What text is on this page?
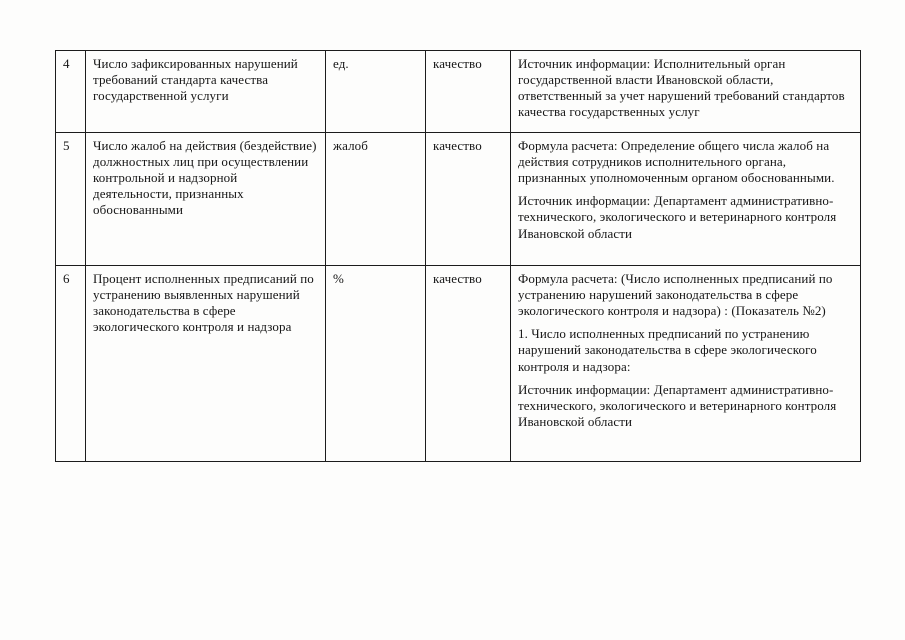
4	Число зафиксированных нарушений требований стандарта качества государственной услуги	ед.	качество	Источник информации: Исполнительный орган государственной власти Ивановской области, ответственный за учет нарушений требований стандартов качества государственных услуг

5	Число жалоб на действия (бездействие) должностных лиц при осуществлении контрольной и надзорной деятельности, признанных обоснованными	жалоб	качество	Формула расчета: Определение общего числа жалоб на действия сотрудников исполнительного органа, признанных уполномоченным органом обоснованными.
Источник информации: Департамент административно-технического, экологического и ветеринарного контроля Ивановской области

6	Процент исполненных предписаний по устранению выявленных нарушений законодательства в сфере экологического контроля и надзора	%	качество	Формула расчета: (Число исполненных предписаний по устранению нарушений законодательства в сфере экологического контроля и надзора) : (Показатель №2)
1. Число исполненных предписаний по устранению нарушений законодательства в сфере экологического контроля и надзора:
Источник информации: Департамент административно-технического, экологического и ветеринарного контроля Ивановской области
